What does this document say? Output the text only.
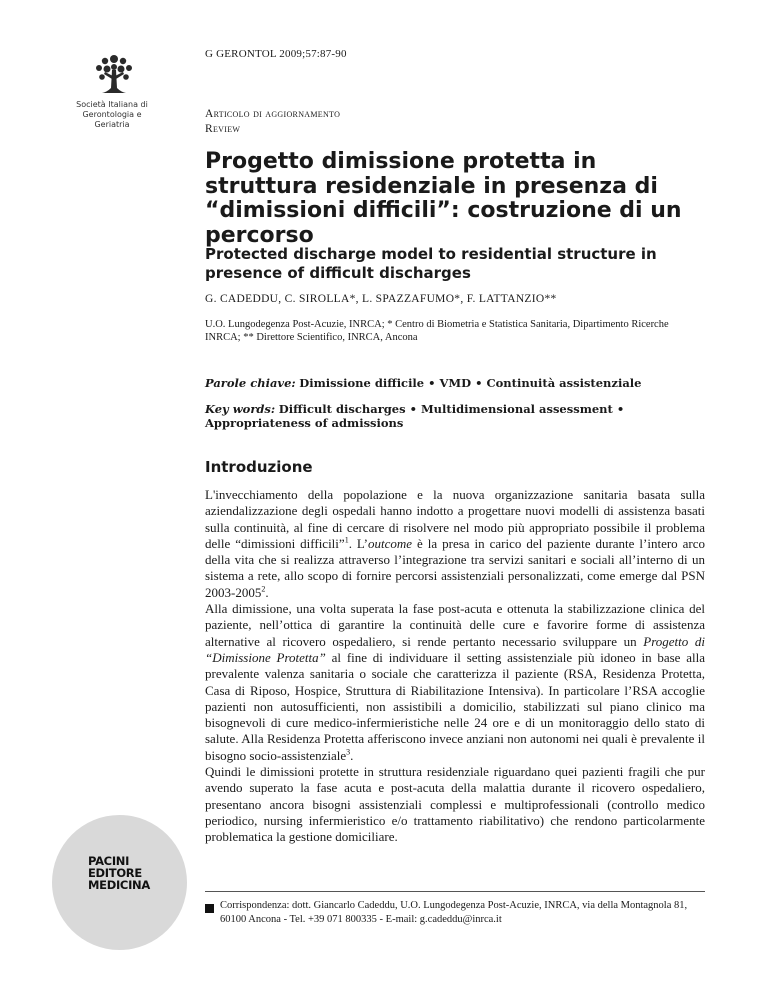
G GERONTOL 2009;57:87-90
Società Italiana di
Gerontologia e
Geriatria
Articolo di aggiornamento
Review
Progetto dimissione protetta in struttura residenziale in presenza di “dimissioni difficili”: costruzione di un percorso
Protected discharge model to residential structure in presence of difficult discharges
G. CADEDDU, C. SIROLLA*, L. SPAZZAFUMO*, F. LATTANZIO**
U.O. Lungodegenza Post-Acuzie, INRCA; * Centro di Biometria e Statistica Sanitaria, Dipartimento Ricerche INRCA; ** Direttore Scientifico, INRCA, Ancona
Parole chiave: Dimissione difficile • VMD • Continuità assistenziale
Key words: Difficult discharges • Multidimensional assessment • Appropriateness of admissions
Introduzione

L'invecchiamento della popolazione e la nuova organizzazione sanitaria basata sulla aziendalizzazione degli ospedali hanno indotto a progettare nuovi modelli di assistenza basati sulla continuità, al fine di cercare di risolvere nel modo più appropriato possibile il problema delle “dimissioni difficili”$^1$. L’outcome è la presa in carico del paziente durante l’intero arco della vita che si realizza attraverso l’integrazione tra servizi sanitari e sociali all’interno di un sistema a rete, allo scopo di fornire percorsi assistenziali personalizzati, come emerge dal PSN 2003-2005$^2$.

Alla dimissione, una volta superata la fase post-acuta e ottenuta la stabilizzazione clinica del paziente, nell’ottica di garantire la continuità delle cure e favorire forme di assistenza alternative al ricovero ospedaliero, si rende pertanto necessario sviluppare un Progetto di “Dimissione Protetta” al fine di individuare il setting assistenziale più idoneo in base alla prevalente valenza sanitaria o sociale che caratterizza il paziente (RSA, Residenza Protetta, Casa di Riposo, Hospice, Struttura di Riabilitazione Intensiva). In particolare l’RSA accoglie pazienti non autosufficienti, non assistibili a domicilio, stabilizzati sul piano clinico ma bisognevoli di cure medico-infermieristiche nelle 24 ore e di un monitoraggio dello stato di salute. Alla Residenza Protetta afferiscono invece anziani non autonomi nei quali è prevalente il bisogno socio-assistenziale$^3$.

Quindi le dimissioni protette in struttura residenziale riguardano quei pazienti fragili che pur avendo superato la fase acuta e post-acuta della malattia durante il ricovero ospedaliero, presentano ancora bisogni assistenziali complessi e multiprofessionali (controllo medico periodico, nursing infermieristico e/o trattamento riabilitativo) che rendono particolarmente problematica la gestione domiciliare.

PACINI
EDITORE
MEDICINA
Corrispondenza: dott. Giancarlo Cadeddu, U.O. Lungodegenza Post-Acuzie, INRCA, via della Montagnola 81, 60100 Ancona - Tel. +39 071 800335 - E-mail: g.cadeddu@inrca.it
